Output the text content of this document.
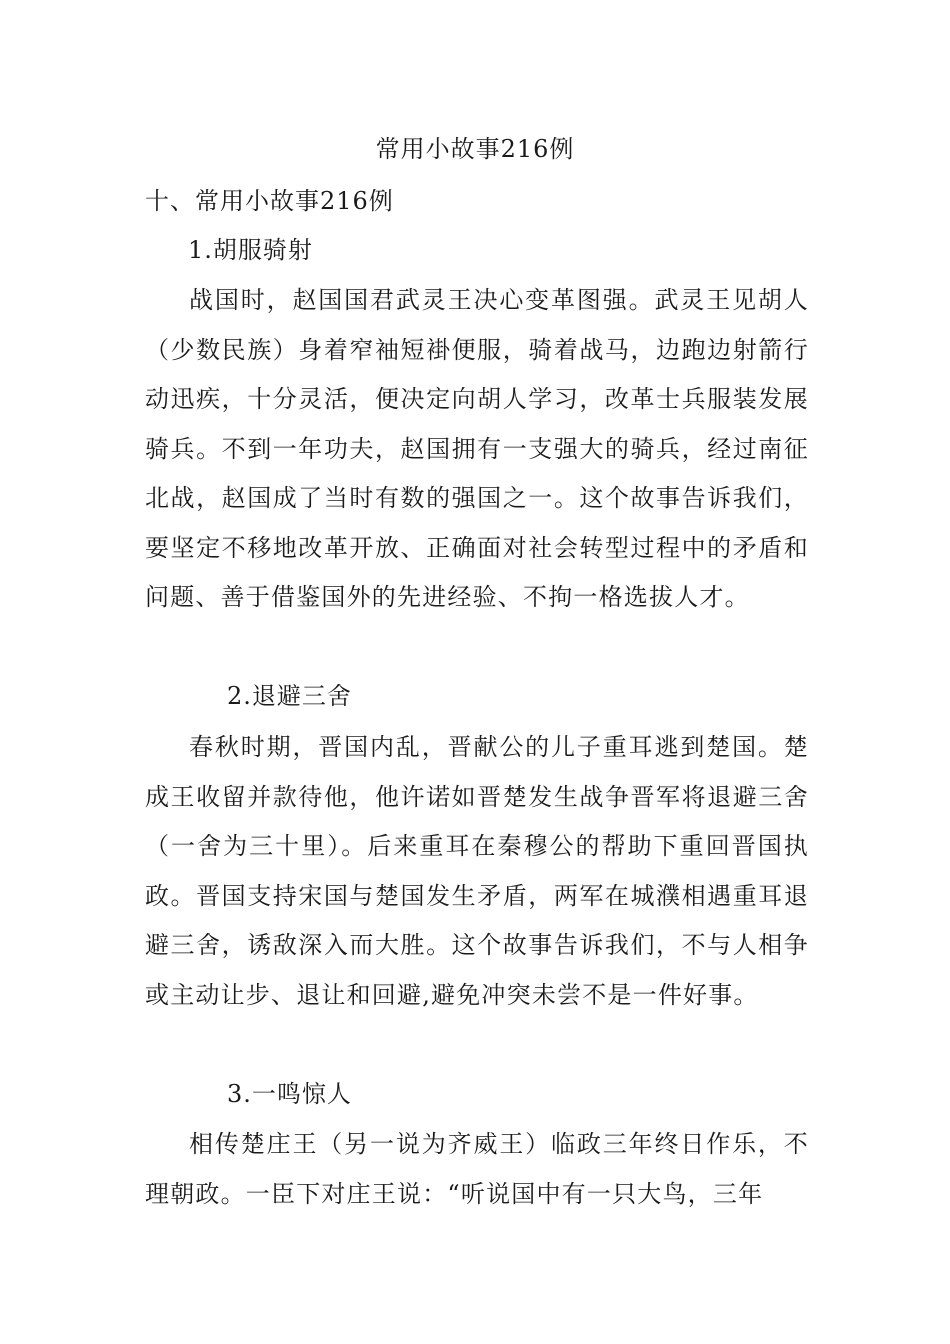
常用小故事216例
十、常用小故事216例
1.胡服骑射

战国时，赵国国君武灵王决心变革图强。武灵王见胡人（少数民族）身着窄袖短褂便服，骑着战马，边跑边射箭行动迅疾，十分灵活，便决定向胡人学习，改革士兵服装发展骑兵。不到一年功夫，赵国拥有一支强大的骑兵，经过南征北战，赵国成了当时有数的强国之一。这个故事告诉我们，要坚定不移地改革开放、正确面对社会转型过程中的矛盾和问题、善于借鉴国外的先进经验、不拘一格选拔人才。

2.退避三舍

春秋时期，晋国内乱，晋献公的儿子重耳逃到楚国。楚成王收留并款待他，他许诺如晋楚发生战争晋军将退避三舍（一舍为三十里）。后来重耳在秦穆公的帮助下重回晋国执政。晋国支持宋国与楚国发生矛盾，两军在城濮相遇重耳退避三舍，诱敌深入而大胜。这个故事告诉我们，不与人相争或主动让步、退让和回避,避免冲突未尝不是一件好事。

3.一鸣惊人

相传楚庄王（另一说为齐威王）临政三年终日作乐，不理朝政。一臣下对庄王说：“听说国中有一只大鸟，三年
